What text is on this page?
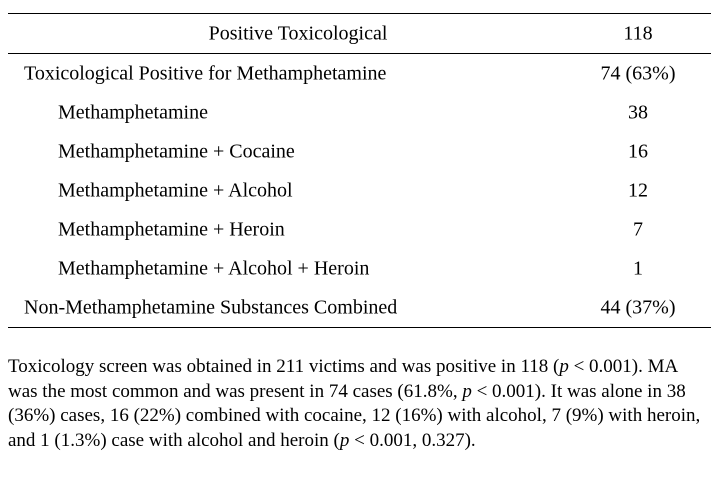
Positive Toxicological	118
Toxicological Positive for Methamphetamine	74 (63%)
Methamphetamine	38
Methamphetamine + Cocaine	16
Methamphetamine + Alcohol	12
Methamphetamine + Heroin	7
Methamphetamine + Alcohol + Heroin	1
Non-Methamphetamine Substances Combined	44 (37%)
Toxicology screen was obtained in 211 victims and was positive in 118 (p < 0.001). MA was the most common and was present in 74 cases (61.8%, p < 0.001). It was alone in 38 (36%) cases, 16 (22%) combined with cocaine, 12 (16%) with alcohol, 7 (9%) with heroin, and 1 (1.3%) case with alcohol and heroin (p < 0.001, 0.327).
